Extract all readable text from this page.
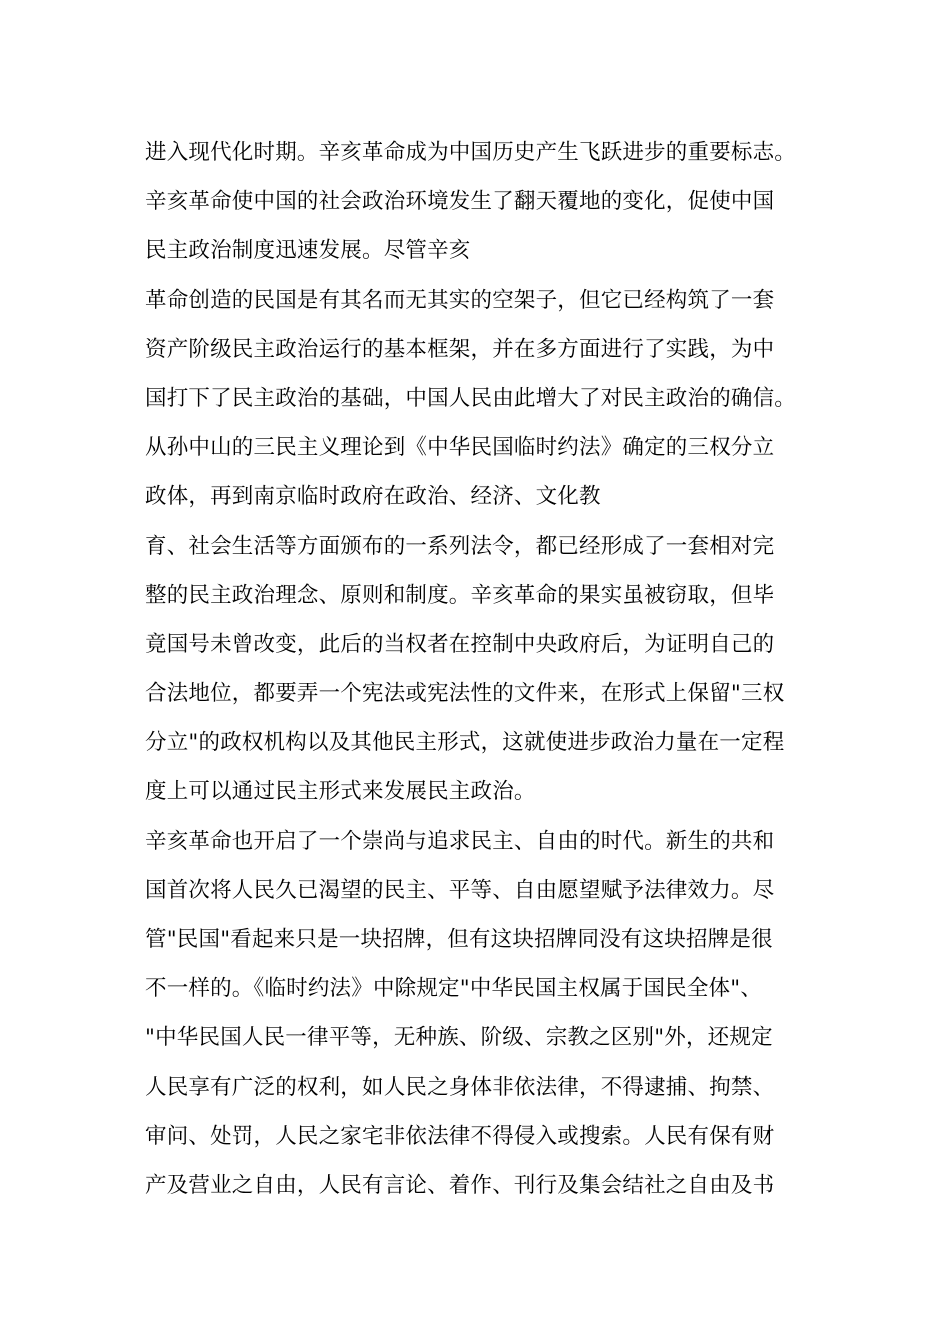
进入现代化时期。辛亥革命成为中国历史产生飞跃进步的重要标志。
辛亥革命使中国的社会政治环境发生了翻天覆地的变化，促使中国
民主政治制度迅速发展。尽管辛亥
革命创造的民国是有其名而无其实的空架子，但它已经构筑了一套
资产阶级民主政治运行的基本框架，并在多方面进行了实践，为中
国打下了民主政治的基础，中国人民由此增大了对民主政治的确信。
从孙中山的三民主义理论到《中华民国临时约法》确定的三权分立
政体，再到南京临时政府在政治、经济、文化教
育、社会生活等方面颁布的一系列法令，都已经形成了一套相对完
整的民主政治理念、原则和制度。辛亥革命的果实虽被窃取，但毕
竟国号未曾改变，此后的当权者在控制中央政府后，为证明自己的
合法地位，都要弄一个宪法或宪法性的文件来，在形式上保留"三权
分立"的政权机构以及其他民主形式，这就使进步政治力量在一定程
度上可以通过民主形式来发展民主政治。
辛亥革命也开启了一个崇尚与追求民主、自由的时代。新生的共和
国首次将人民久已渴望的民主、平等、自由愿望赋予法律效力。尽
管"民国"看起来只是一块招牌，但有这块招牌同没有这块招牌是很
不一样的。《临时约法》中除规定"中华民国主权属于国民全体"、
"中华民国人民一律平等，无种族、阶级、宗教之区别"外，还规定
人民享有广泛的权利，如人民之身体非依法律，不得逮捕、拘禁、
审问、处罚，人民之家宅非依法律不得侵入或搜索。人民有保有财
产及营业之自由，人民有言论、着作、刊行及集会结社之自由及书
